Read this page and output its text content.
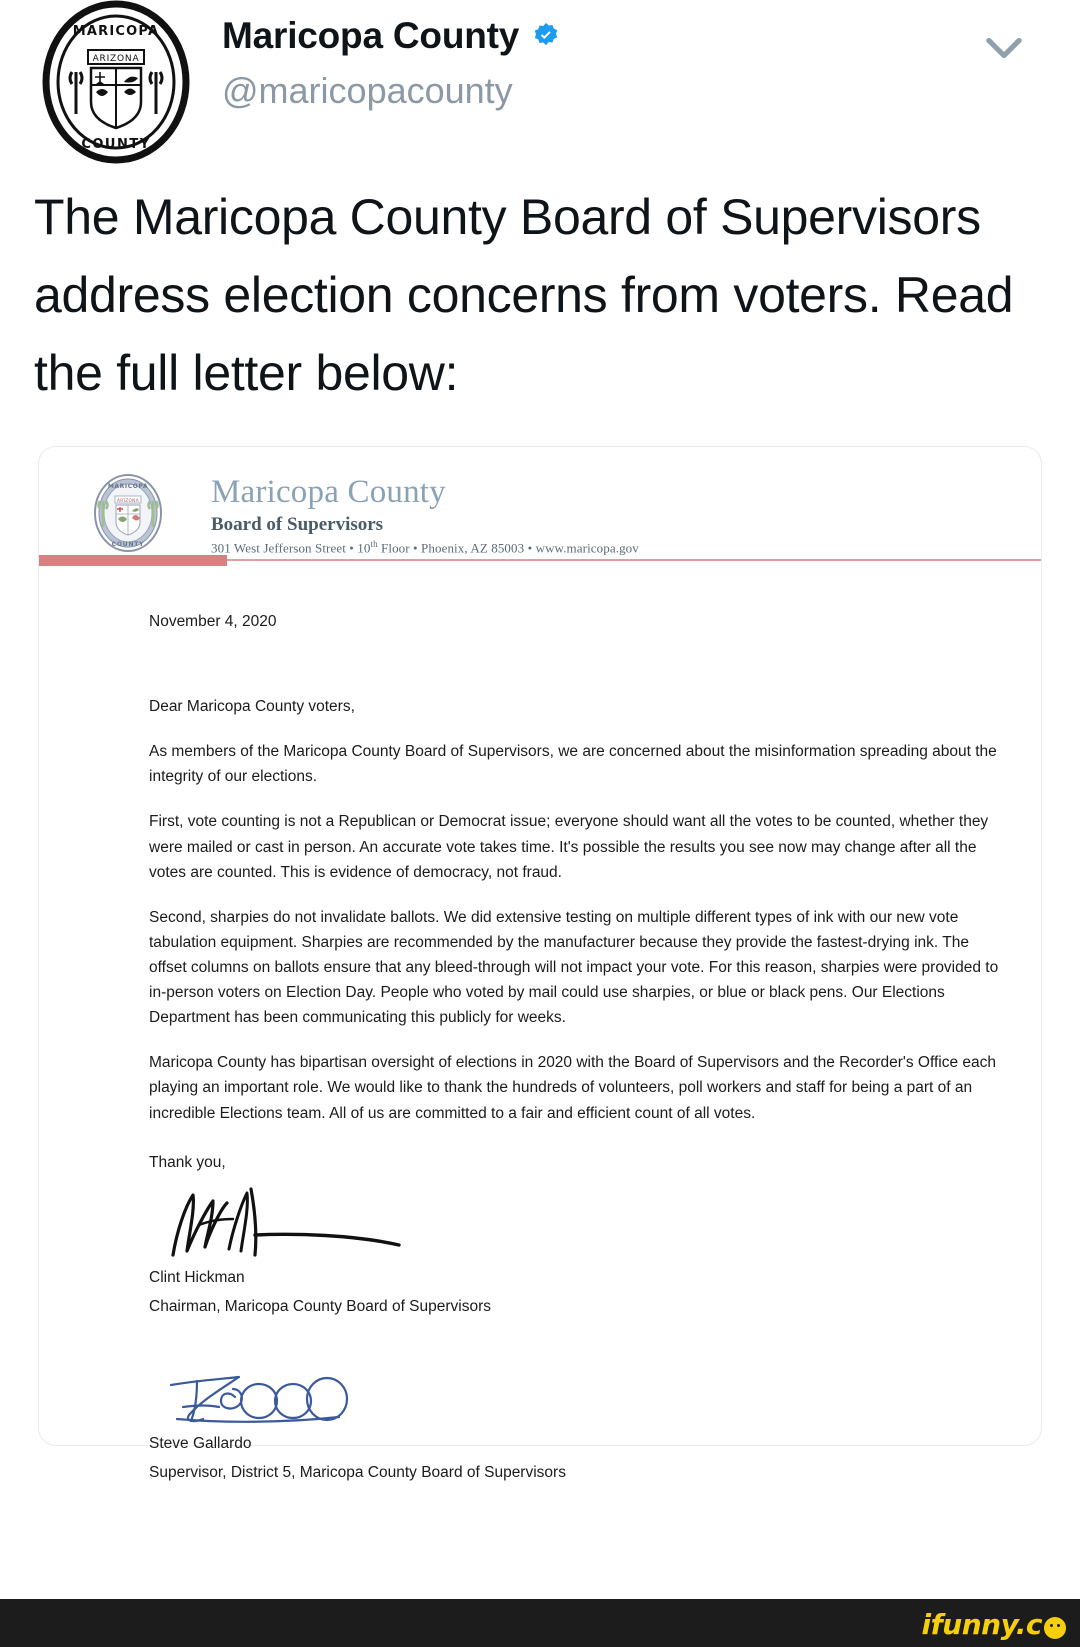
MARICOPA
COUNTY
ARIZONA
Maricopa County
@maricopacounty
The Maricopa County Board of Supervisors address election concerns from voters. Read the full letter below:
MARICOPA
COUNTY
ARIZONA Maricopa County
Board of Supervisors
301 West Jefferson Street • 10th Floor • Phoenix, AZ 85003 • www.maricopa.gov
November 4, 2020
Dear Maricopa County voters,

As members of the Maricopa County Board of Supervisors, we are concerned about the misinformation spreading about the integrity of our elections.

First, vote counting is not a Republican or Democrat issue; everyone should want all the votes to be counted, whether they were mailed or cast in person. An accurate vote takes time. It's possible the results you see now may change after all the votes are counted. This is evidence of democracy, not fraud.

Second, sharpies do not invalidate ballots. We did extensive testing on multiple different types of ink with our new vote tabulation equipment. Sharpies are recommended by the manufacturer because they provide the fastest-drying ink. The offset columns on ballots ensure that any bleed-through will not impact your vote. For this reason, sharpies were provided to in-person voters on Election Day. People who voted by mail could use sharpies, or blue or black pens. Our Elections Department has been communicating this publicly for weeks.

Maricopa County has bipartisan oversight of elections in 2020 with the Board of Supervisors and the Recorder's Office each playing an important role. We would like to thank the hundreds of volunteers, poll workers and staff for being a part of an incredible Elections team. All of us are committed to a fair and efficient count of all votes.

Thank you,
Clint Hickman
Chairman, Maricopa County Board of Supervisors
Steve Gallardo
Supervisor, District 5, Maricopa County Board of Supervisors
ifunny.c
